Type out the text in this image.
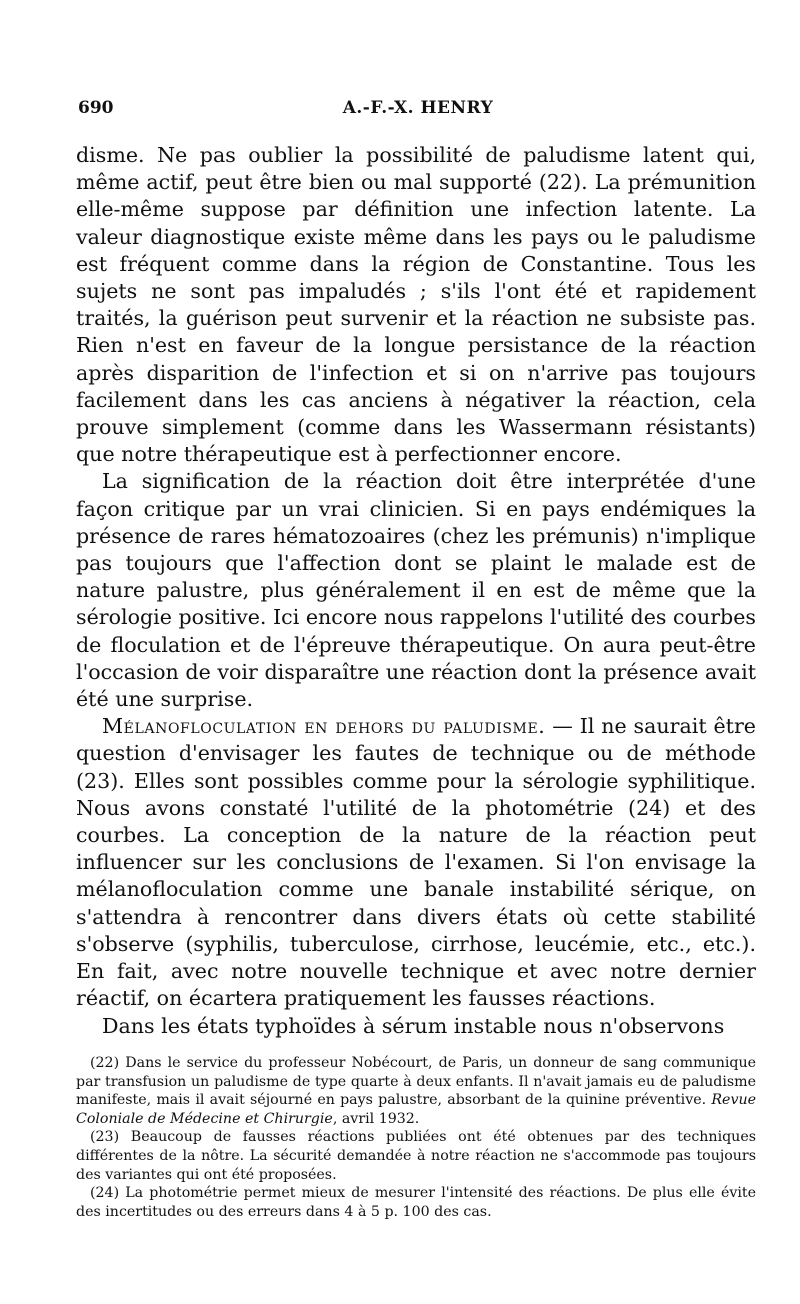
690	A.-F.-X. HENRY

disme. Ne pas oublier la possibilité de paludisme latent qui, même actif, peut être bien ou mal supporté (22). La prémunition elle-même suppose par définition une infection latente. La valeur diagnostique existe même dans les pays ou le paludisme est fréquent comme dans la région de Constantine. Tous les sujets ne sont pas impaludés ; s'ils l'ont été et rapidement traités, la guérison peut survenir et la réaction ne subsiste pas. Rien n'est en faveur de la longue persistance de la réaction après disparition de l'infection et si on n'arrive pas toujours facilement dans les cas anciens à négativer la réaction, cela prouve simplement (comme dans les Wassermann résistants) que notre thérapeutique est à perfectionner encore.

La signification de la réaction doit être interprétée d'une façon critique par un vrai clinicien. Si en pays endémiques la présence de rares hématozoaires (chez les prémunis) n'implique pas toujours que l'affection dont se plaint le malade est de nature palustre, plus généralement il en est de même que la sérologie positive. Ici encore nous rappelons l'utilité des courbes de floculation et de l'épreuve thérapeutique. On aura peut-être l'occasion de voir disparaître une réaction dont la présence avait été une surprise.

Mélanofloculation en dehors du paludisme. — Il ne saurait être question d'envisager les fautes de technique ou de méthode (23). Elles sont possibles comme pour la sérologie syphilitique. Nous avons constaté l'utilité de la photométrie (24) et des courbes. La conception de la nature de la réaction peut influencer sur les conclusions de l'examen. Si l'on envisage la mélanofloculation comme une banale instabilité sérique, on s'attendra à rencontrer dans divers états où cette stabilité s'observe (syphilis, tuberculose, cirrhose, leucémie, etc., etc.). En fait, avec notre nouvelle technique et avec notre dernier réactif, on écartera pratiquement les fausses réactions.

Dans les états typhoïdes à sérum instable nous n'observons

(22) Dans le service du professeur Nobécourt, de Paris, un donneur de sang communique par transfusion un paludisme de type quarte à deux enfants. Il n'avait jamais eu de paludisme manifeste, mais il avait séjourné en pays palustre, absorbant de la quinine préventive. Revue Coloniale de Médecine et Chirurgie, avril 1932.

(23) Beaucoup de fausses réactions publiées ont été obtenues par des techniques différentes de la nôtre. La sécurité demandée à notre réaction ne s'accommode pas toujours des variantes qui ont été proposées.

(24) La photométrie permet mieux de mesurer l'intensité des réactions. De plus elle évite des incertitudes ou des erreurs dans 4 à 5 p. 100 des cas.
